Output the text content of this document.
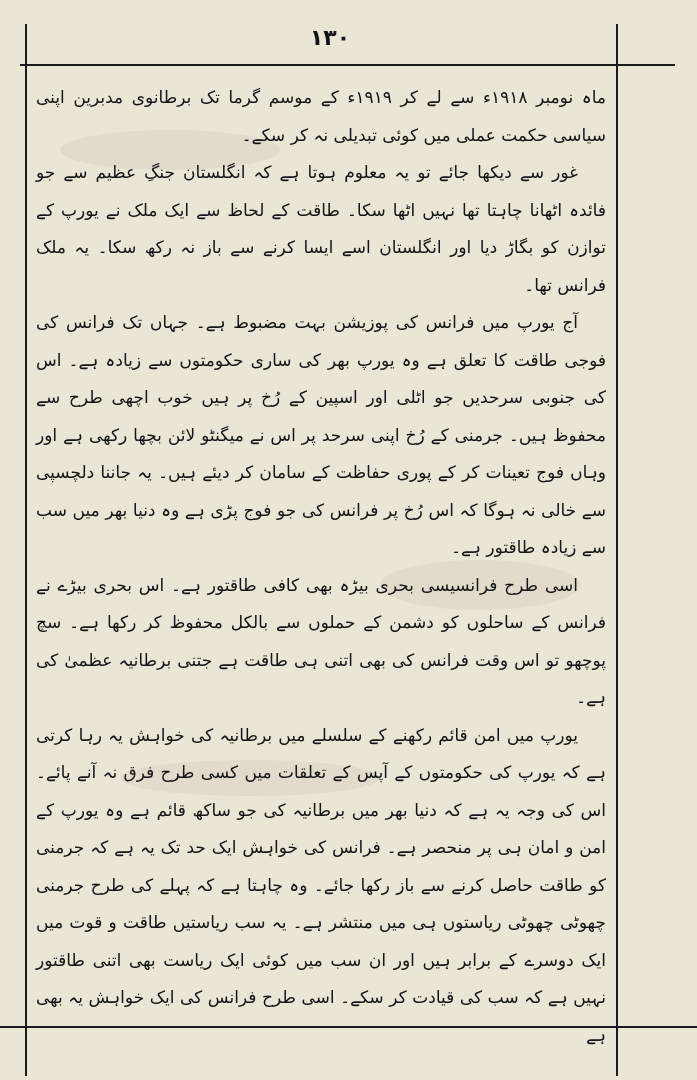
۱۳۰

ماہ نومبر ۱۹۱۸ء سے لے کر ۱۹۱۹ء کے موسم گرما تک برطانوی مدبرین اپنی سیاسی حکمت عملی میں کوئی تبدیلی نہ کر سکے۔

غور سے دیکھا جائے تو یہ معلوم ہوتا ہے کہ انگلستان جنگِ عظیم سے جو فائدہ اٹھانا چاہتا تھا نہیں اٹھا سکا۔ طاقت کے لحاظ سے ایک ملک نے یورپ کے توازن کو بگاڑ دیا اور انگلستان اسے ایسا کرنے سے باز نہ رکھ سکا۔ یہ ملک فرانس تھا۔

آج یورپ میں فرانس کی پوزیشن بہت مضبوط ہے۔ جہاں تک فرانس کی فوجی طاقت کا تعلق ہے وہ یورپ بھر کی ساری حکومتوں سے زیادہ ہے۔ اس کی جنوبی سرحدیں جو اٹلی اور اسپین کے رُخ پر ہیں خوب اچھی طرح سے محفوظ ہیں۔ جرمنی کے رُخ اپنی سرحد پر اس نے میگنٹو لائن بچھا رکھی ہے اور وہاں فوج تعینات کر کے پوری حفاظت کے سامان کر دیئے ہیں۔ یہ جاننا دلچسپی سے خالی نہ ہوگا کہ اس رُخ پر فرانس کی جو فوج پڑی ہے وہ دنیا بھر میں سب سے زیادہ طاقتور ہے۔

اسی طرح فرانسیسی بحری بیڑہ بھی کافی طاقتور ہے۔ اس بحری بیڑے نے فرانس کے ساحلوں کو دشمن کے حملوں سے بالکل محفوظ کر رکھا ہے۔ سچ پوچھو تو اس وقت فرانس کی بھی اتنی ہی طاقت ہے جتنی برطانیہ عظمیٰ کی ہے۔

یورپ میں امن قائم رکھنے کے سلسلے میں برطانیہ کی خواہش یہ رہا کرتی ہے کہ یورپ کی حکومتوں کے آپس کے تعلقات میں کسی طرح فرق نہ آنے پائے۔ اس کی وجہ یہ ہے کہ دنیا بھر میں برطانیہ کی جو ساکھ قائم ہے وہ یورپ کے امن و امان ہی پر منحصر ہے۔ فرانس کی خواہش ایک حد تک یہ ہے کہ جرمنی کو طاقت حاصل کرنے سے باز رکھا جائے۔ وہ چاہتا ہے کہ پہلے کی طرح جرمنی چھوٹی چھوٹی ریاستوں ہی میں منتشر ہے۔ یہ سب ریاستیں طاقت و قوت میں ایک دوسرے کے برابر ہیں اور ان سب میں کوئی ایک ریاست بھی اتنی طاقتور نہیں ہے کہ سب کی قیادت کر سکے۔ اسی طرح فرانس کی ایک خواہش یہ بھی ہے
